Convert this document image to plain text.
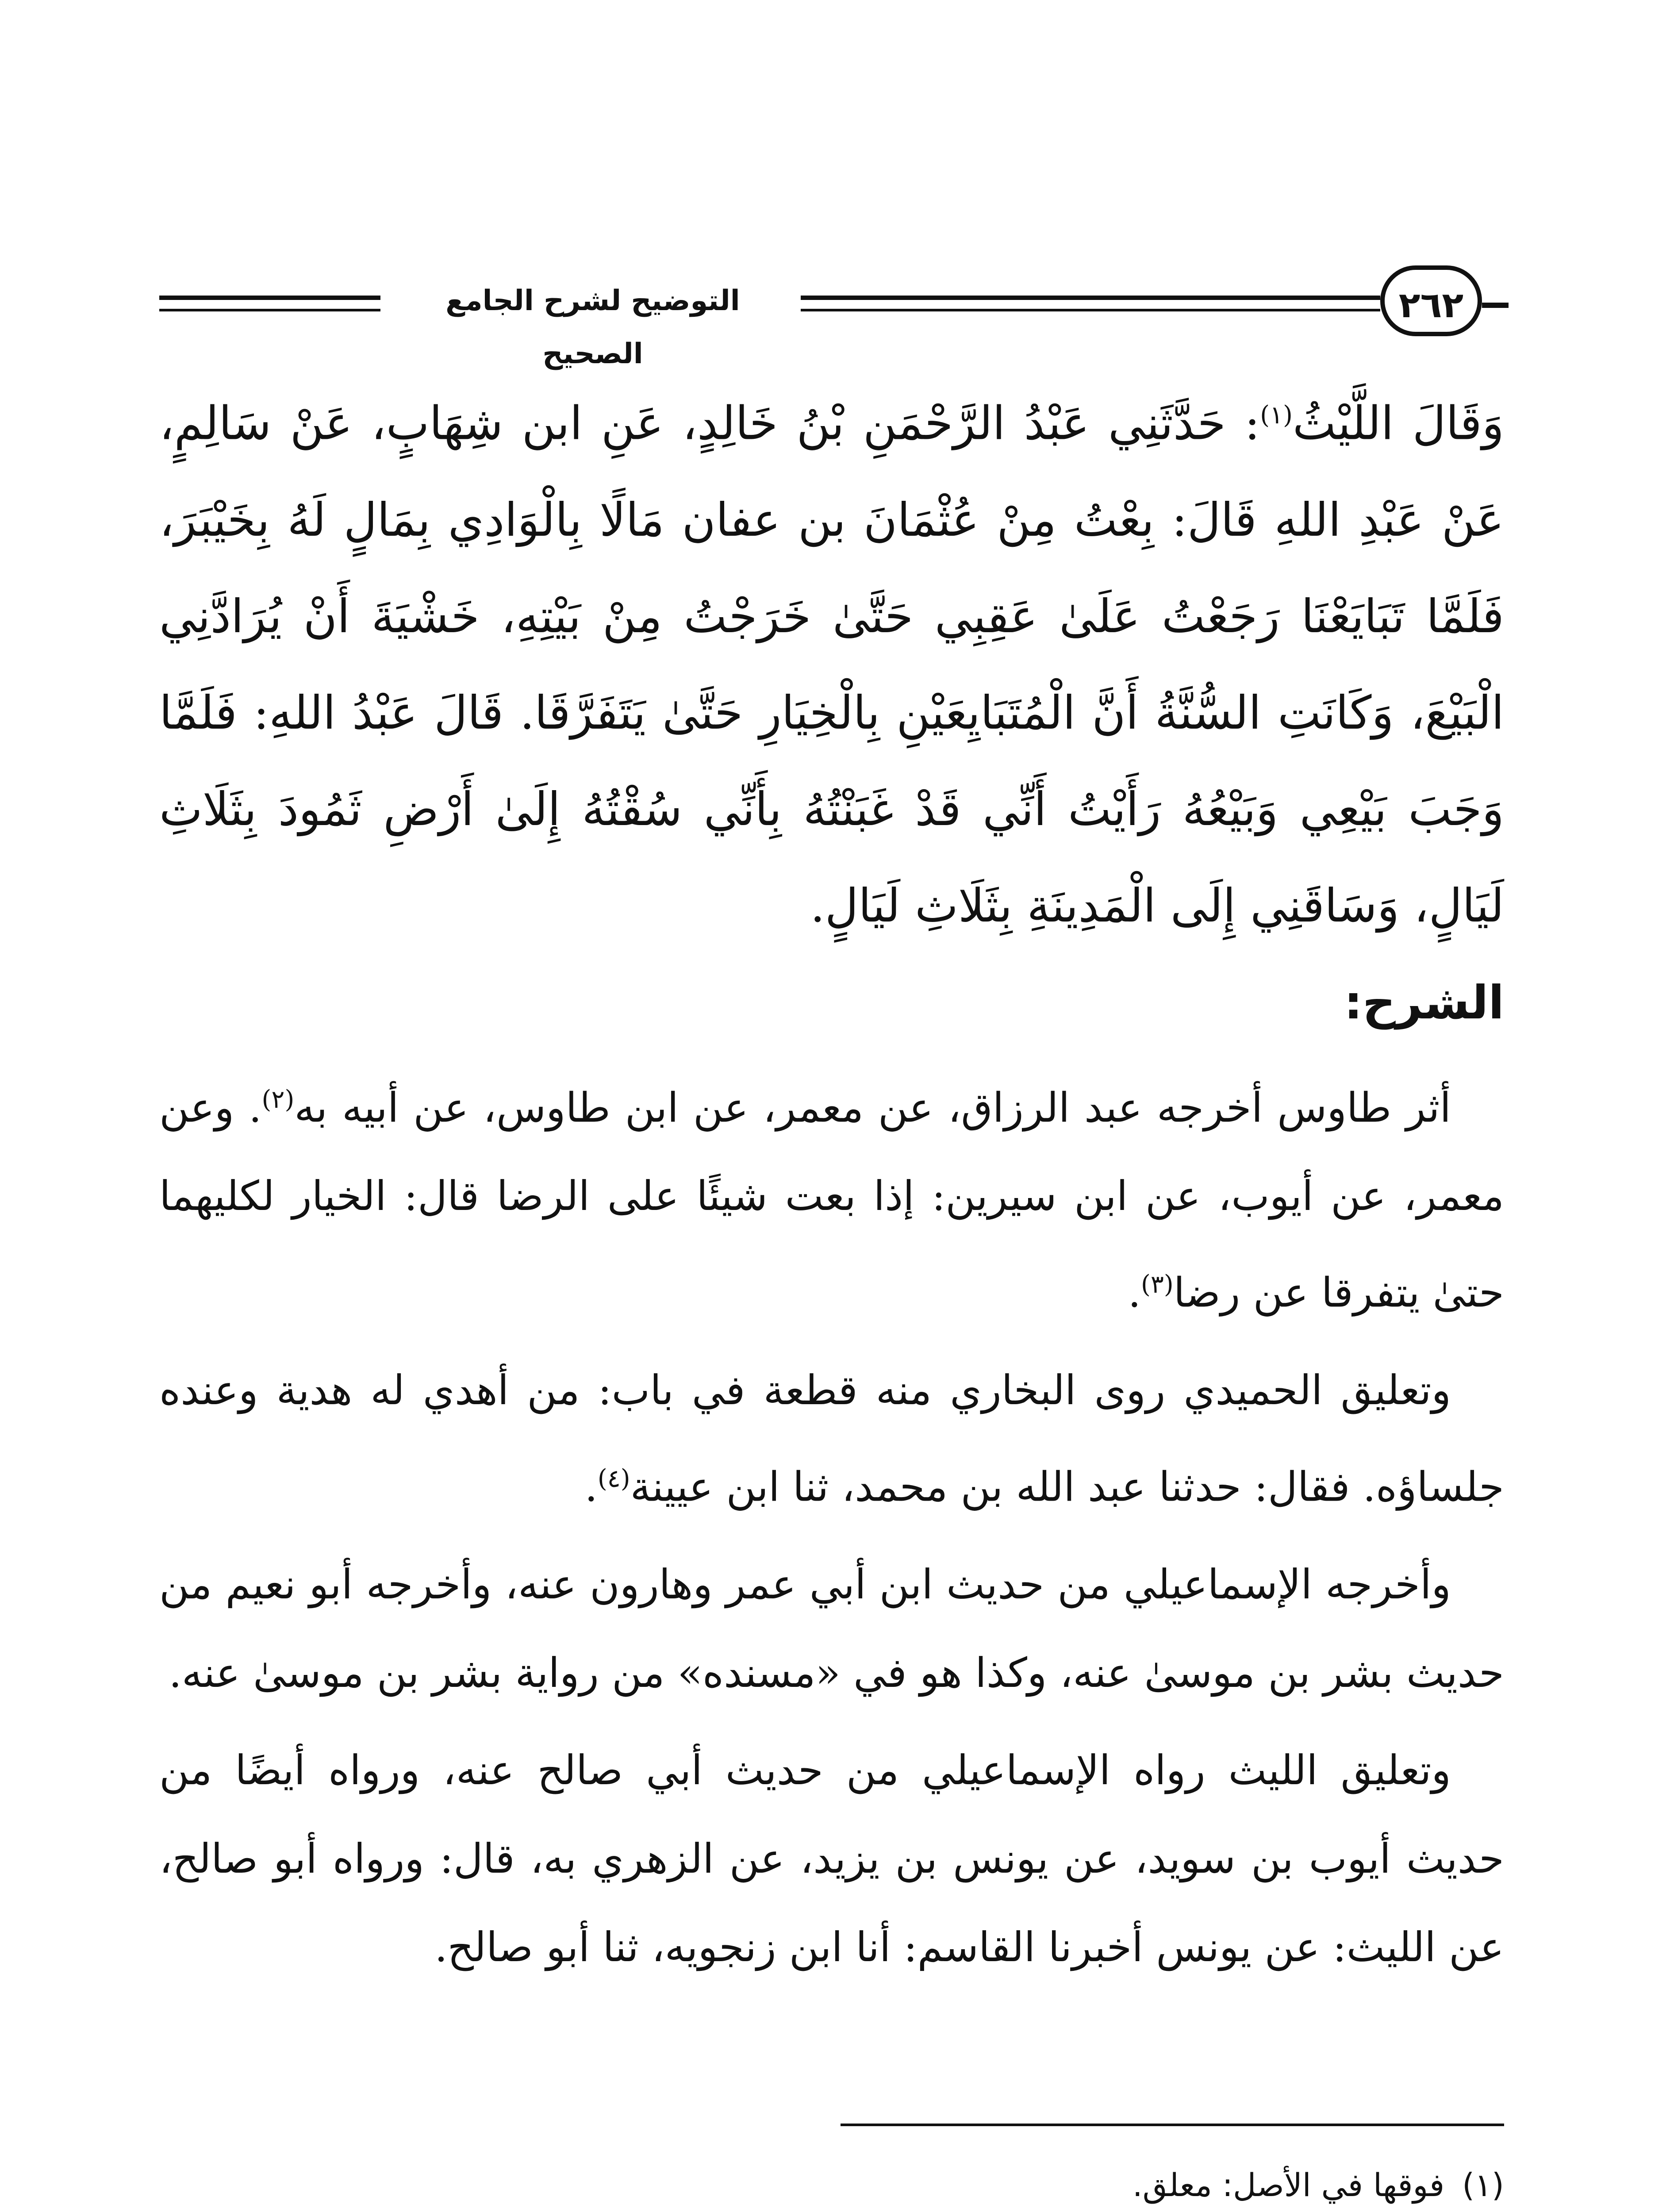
التوضيح لشرح الجامع الصحيح
٢٦٢

وَقَالَ اللَّيْثُ$^{(١)}$: حَدَّثَنِي عَبْدُ الرَّحْمَنِ بْنُ خَالِدٍ، عَنِ ابن شِهَابٍ، عَنْ سَالِمٍ، عَنْ عَبْدِ اللهِ قَالَ: بِعْتُ مِنْ عُثْمَانَ بن عفان مَالًا بِالْوَادِي بِمَالٍ لَهُ بِخَيْبَرَ، فَلَمَّا تَبَايَعْنَا رَجَعْتُ عَلَىٰ عَقِبِي حَتَّىٰ خَرَجْتُ مِنْ بَيْتِهِ، خَشْيَةَ أَنْ يُرَادَّنِي الْبَيْعَ، وَكَانَتِ السُّنَّةُ أَنَّ الْمُتَبَايِعَيْنِ بِالْخِيَارِ حَتَّىٰ يَتَفَرَّقَا. قَالَ عَبْدُ اللهِ: فَلَمَّا وَجَبَ بَيْعِي وَبَيْعُهُ رَأَيْتُ أَنِّي قَدْ غَبَنْتُهُ بِأَنِّي سُقْتُهُ إِلَىٰ أَرْضِ ثَمُودَ بِثَلَاثِ لَيَالٍ، وَسَاقَنِي إِلَى الْمَدِينَةِ بِثَلَاثِ لَيَالٍ.

الشرح:

أثر طاوس أخرجه عبد الرزاق، عن معمر، عن ابن طاوس، عن أبيه به$^{(٢)}$. وعن معمر، عن أيوب، عن ابن سيرين: إذا بعت شيئًا على الرضا قال: الخيار لكليهما حتىٰ يتفرقا عن رضا$^{(٣)}$.

وتعليق الحميدي روى البخاري منه قطعة في باب: من أهدي له هدية وعنده جلساؤه. فقال: حدثنا عبد الله بن محمد، ثنا ابن عيينة$^{(٤)}$.

وأخرجه الإسماعيلي من حديث ابن أبي عمر وهارون عنه، وأخرجه أبو نعيم من حديث بشر بن موسىٰ عنه، وكذا هو في «مسنده» من رواية بشر بن موسىٰ عنه.

وتعليق الليث رواه الإسماعيلي من حديث أبي صالح عنه، ورواه أيضًا من حديث أيوب بن سويد، عن يونس بن يزيد، عن الزهري به، قال: ورواه أبو صالح، عن الليث: عن يونس أخبرنا القاسم: أنا ابن زنجويه، ثنا أبو صالح.

(١)فوقها في الأصل: معلق.
